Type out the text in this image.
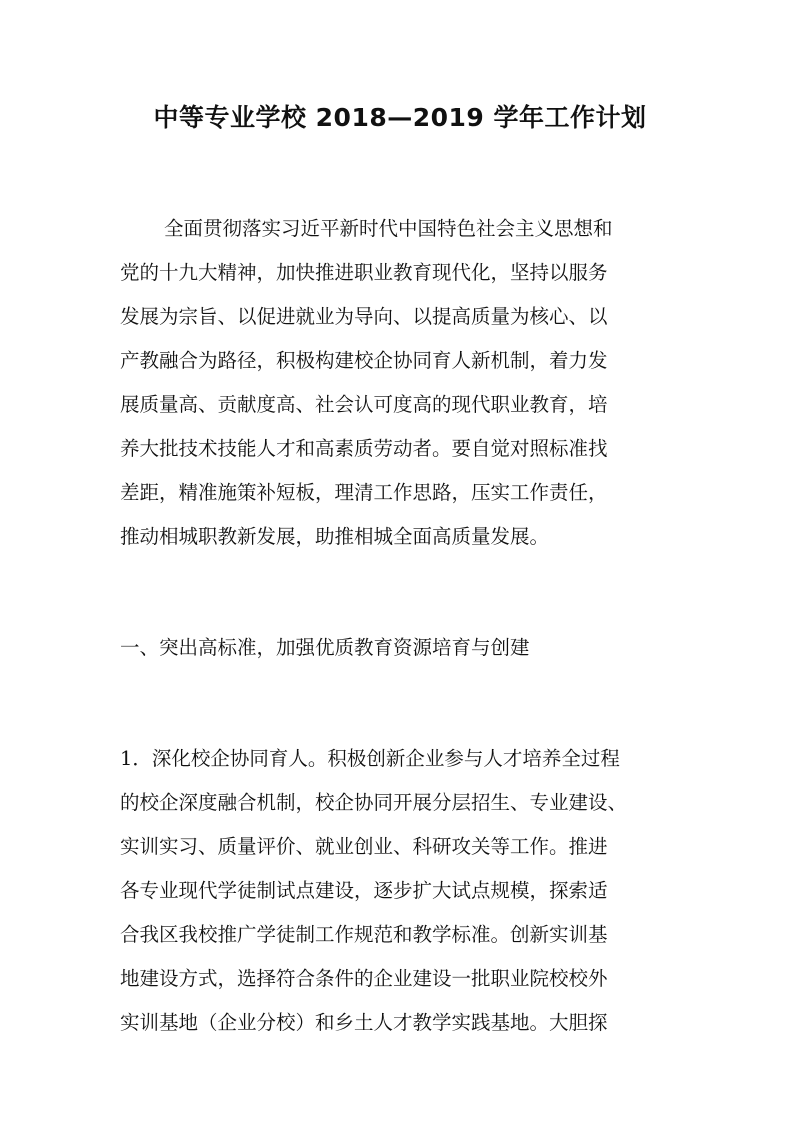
中等专业学校 2018—2019 学年工作计划
全面贯彻落实习近平新时代中国特色社会主义思想和
党的十九大精神，加快推进职业教育现代化，坚持以服务
发展为宗旨、以促进就业为导向、以提高质量为核心、以
产教融合为路径，积极构建校企协同育人新机制，着力发
展质量高、贡献度高、社会认可度高的现代职业教育，培
养大批技术技能人才和高素质劳动者。要自觉对照标准找
差距，精准施策补短板，理清工作思路，压实工作责任，
推动相城职教新发展，助推相城全面高质量发展。
一、突出高标准，加强优质教育资源培育与创建
1．深化校企协同育人。积极创新企业参与人才培养全过程
的校企深度融合机制，校企协同开展分层招生、专业建设、
实训实习、质量评价、就业创业、科研攻关等工作。推进
各专业现代学徒制试点建设，逐步扩大试点规模，探索适
合我区我校推广学徒制工作规范和教学标准。创新实训基
地建设方式，选择符合条件的企业建设一批职业院校校外
实训基地（企业分校）和乡土人才教学实践基地。大胆探
